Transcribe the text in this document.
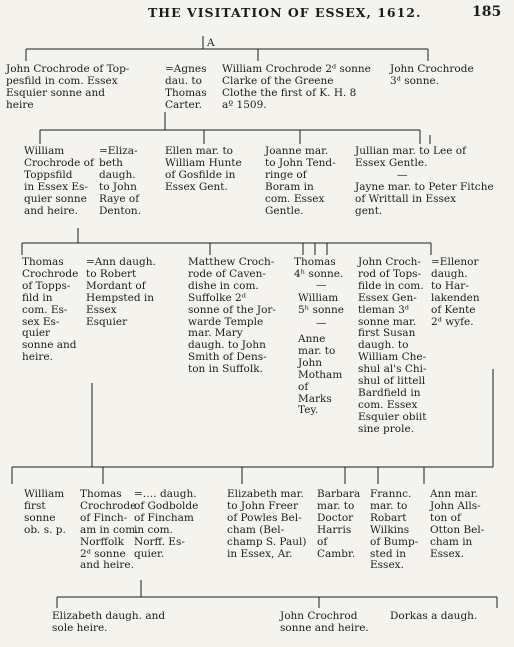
THE VISITATION OF ESSEX, 1612.	185
A
John Crochrode of Top-
pesfild in com. Essex
Esquier sonne and
heire
=Agnes
dau. to
Thomas
Carter.
William Crochrode 2ᵈ sonne
Clarke of the Greene
Clothe the first of K. H. 8
aº 1509.
John Crochrode
3ᵈ sonne.
William
Crochrode of
Toppsfild
in Essex Es-
quier sonne
and heire.
=Eliza-
beth
daugh.
to John
Raye of
Denton.
Ellen mar. to
William Hunte
of Gosfilde in
Essex Gent.
Joanne mar.
to John Tend-
ringe of
Boram in
com. Essex
Gentle.
Jullian mar. to Lee of
Essex Gentle.
—
Jayne mar. to Peter Fitche
of Writtall in Essex
gent.
Thomas
Crochrode
of Topps-
fild in
com. Es-
sex Es-
quier
sonne and
heire.
=Ann daugh.
to Robert
Mordant of
Hempsted in
Essex
Esquier
Matthew Croch-
rode of Caven-
dishe in com.
Suffolke 2ᵈ
sonne of the Jor-
warde Temple
mar. Mary
daugh. to John
Smith of Dens-
ton in Suffolk.
Thomas
4ʰ sonne.
—
William
5ʰ sonne
—
Anne
mar. to
John
Motham
of
Marks
Tey.
John Croch-
rod of Tops-
filde in com.
Essex Gen-
tleman 3ᵈ
sonne mar.
first Susan
daugh. to
William Che-
shul al's Chi-
shul of littell
Bardfield in
com. Essex
Esquier obiit
sine prole.
=Ellenor
daugh.
to Har-
lakenden
of Kente
2ᵈ wyfe.
William
first
sonne
ob. s. p.
Thomas
Crochrode
of Finch-
am in com.
Norffolk
2ᵈ sonne
and heire.
=…. daugh.
of Godbolde
of Fincham
in com.
Norff. Es-
quier.
Elizabeth mar.
to John Freer
of Powles Bel-
cham (Bel-
champ S. Paul)
in Essex, Ar.
Barbara
mar. to
Doctor
Harris
of
Cambr.
Frannc.
mar. to
Robart
Wilkins
of Bump-
sted in
Essex.
Ann mar.
John Alls-
ton of
Otton Bel-
cham in
Essex.
Elizabeth daugh. and
sole heire.
John Crochrod
sonne and heire.
Dorkas a daugh.
